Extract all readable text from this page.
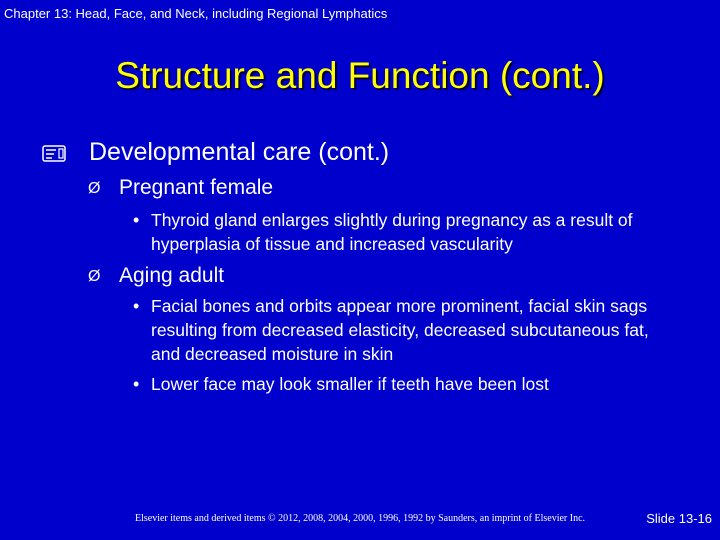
Chapter 13: Head, Face, and Neck, including Regional Lymphatics
Structure and Function (cont.)
Developmental care (cont.)
Ø Pregnant female
• Thyroid gland enlarges slightly during pregnancy as a result of hyperplasia of tissue and increased vascularity
Ø Aging adult
• Facial bones and orbits appear more prominent, facial skin sags resulting from decreased elasticity, decreased subcutaneous fat, and decreased moisture in skin
• Lower face may look smaller if teeth have been lost
Elsevier items and derived items © 2012, 2008, 2004, 2000, 1996, 1992 by Saunders, an imprint of Elsevier Inc.	Slide 13-16
